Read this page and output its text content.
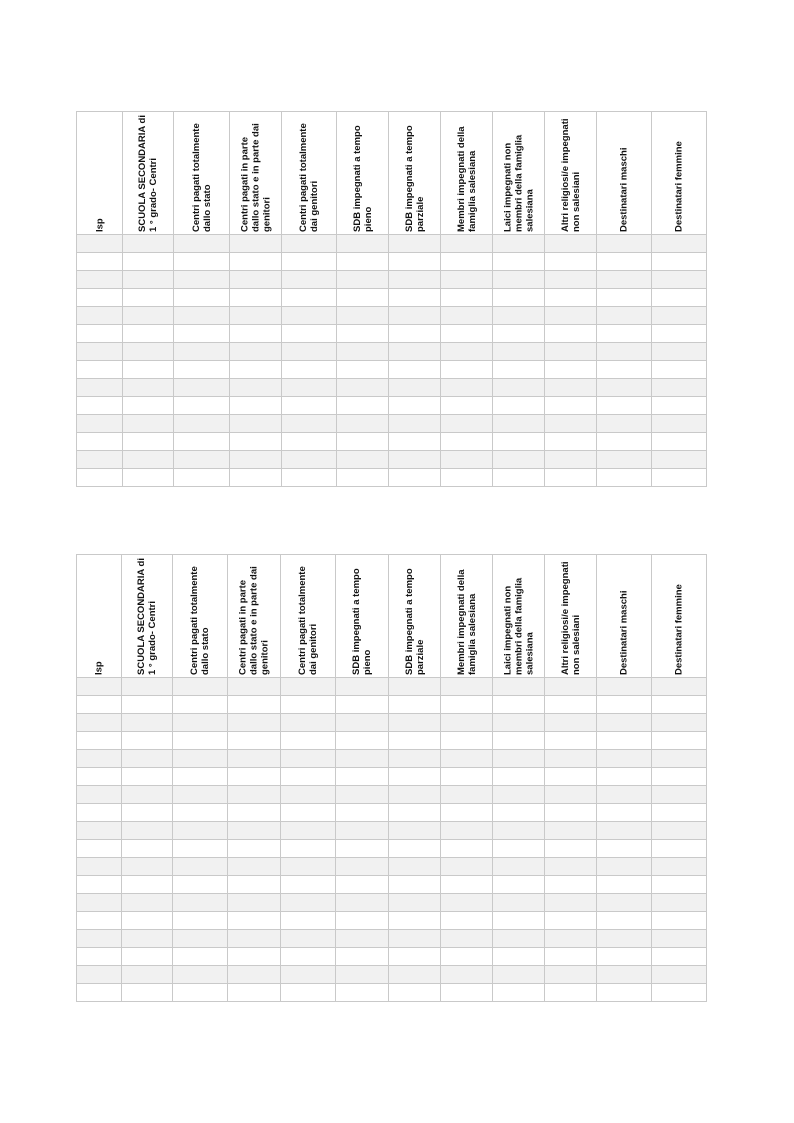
Isp	SCUOLA SECONDARIA di 1 ° grado- Centri	Centri pagati totalmente dallo stato	Centri pagati in parte dallo stato e in parte dai genitori	Centri pagati totalmente dai genitori	SDB impegnati a tempo pieno	SDB impegnati a tempo parziale	Membri impegnati della famiglia salesiana	Laici impegnati non membri della famiglia salesiana	Altri religiosi/e impegnati non salesiani	Destinatari maschi	Destinatari femmine

Isp	SCUOLA SECONDARIA di 1 ° grado- Centri	Centri pagati totalmente dallo stato	Centri pagati in parte dallo stato e in parte dai genitori	Centri pagati totalmente dai genitori	SDB impegnati a tempo pieno	SDB impegnati a tempo parziale	Membri impegnati della famiglia salesiana	Laici impegnati non membri della famiglia salesiana	Altri religiosi/e impegnati non salesiani	Destinatari maschi	Destinatari femmine
